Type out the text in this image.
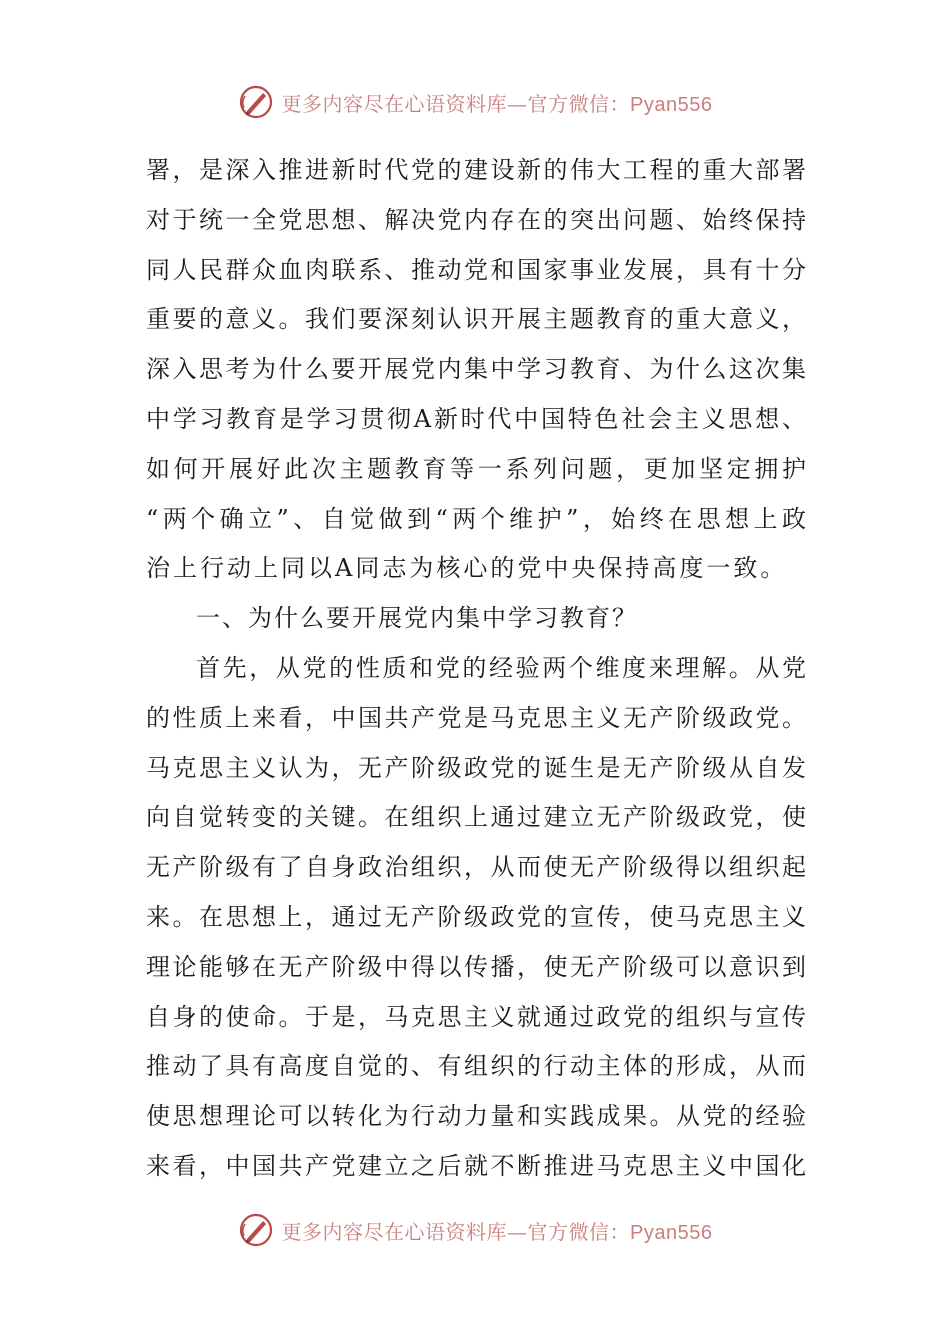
更多内容尽在心语资料库—官方微信：Pyan556
署，是深入推进新时代党的建设新的伟大工程的重大部署
对于统一全党思想、解决党内存在的突出问题、始终保持
同人民群众血肉联系、推动党和国家事业发展，具有十分
重要的意义。我们要深刻认识开展主题教育的重大意义，
深入思考为什么要开展党内集中学习教育、为什么这次集
中学习教育是学习贯彻A新时代中国特色社会主义思想、
如何开展好此次主题教育等一系列问题，更加坚定拥护
“两个确立”、自觉做到“两个维护”，始终在思想上政
治上行动上同以A同志为核心的党中央保持高度一致。
一、为什么要开展党内集中学习教育？
首先，从党的性质和党的经验两个维度来理解。从党
的性质上来看，中国共产党是马克思主义无产阶级政党。
马克思主义认为，无产阶级政党的诞生是无产阶级从自发
向自觉转变的关键。在组织上通过建立无产阶级政党，使
无产阶级有了自身政治组织，从而使无产阶级得以组织起
来。在思想上，通过无产阶级政党的宣传，使马克思主义
理论能够在无产阶级中得以传播，使无产阶级可以意识到
自身的使命。于是，马克思主义就通过政党的组织与宣传
推动了具有高度自觉的、有组织的行动主体的形成，从而
使思想理论可以转化为行动力量和实践成果。从党的经验
来看，中国共产党建立之后就不断推进马克思主义中国化
更多内容尽在心语资料库—官方微信：Pyan556
